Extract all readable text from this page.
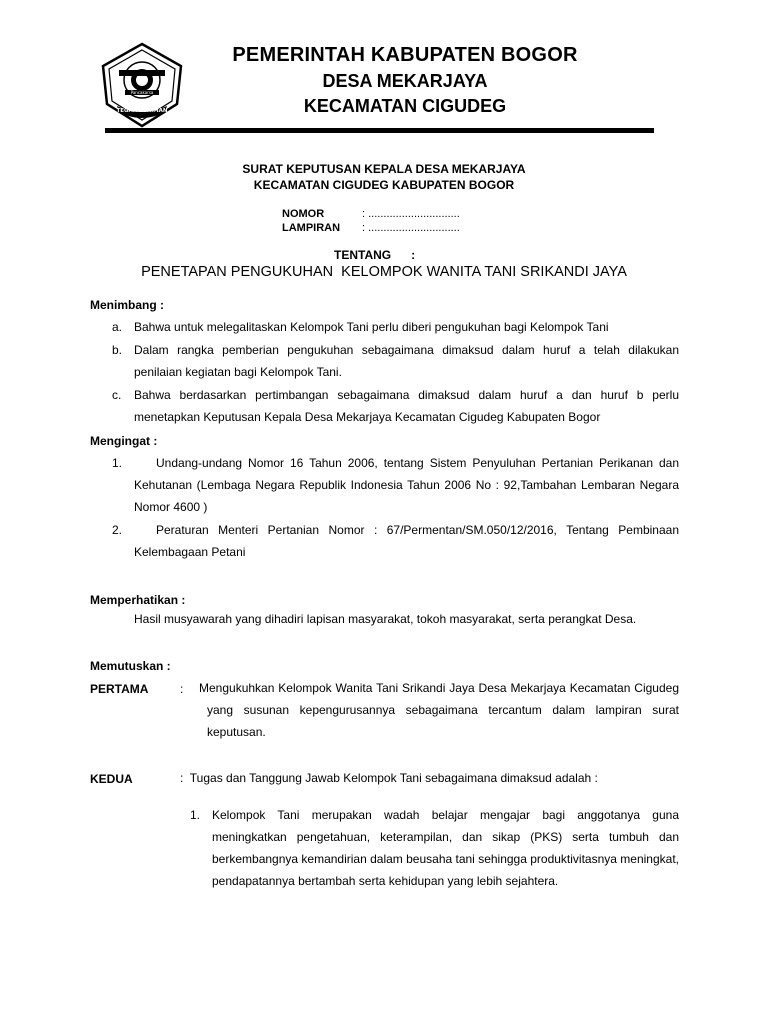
TEGAR BERIMAN
Pancakarsa
PEMERINTAH KABUPATEN BOGOR
DESA MEKARJAYA
KECAMATAN CIGUDEG
SURAT KEPUTUSAN KEPALA DESA MEKARJAYA
KECAMATAN CIGUDEG KABUPATEN BOGOR
NOMOR	: ..............................
LAMPIRAN : ..............................
TENTANG      :
PENETAPAN PENGUKUHAN  KELOMPOK WANITA TANI SRIKANDI JAYA
Menimbang :
a. Bahwa untuk melegalitaskan Kelompok Tani perlu diberi pengukuhan bagi Kelompok Tani
b. Dalam rangka pemberian pengukuhan sebagaimana dimaksud dalam huruf a telah dilakukan penilaian kegiatan bagi Kelompok Tani.
c. Bahwa berdasarkan pertimbangan sebagaimana dimaksud dalam huruf a dan huruf b perlu menetapkan Keputusan Kepala Desa Mekarjaya Kecamatan Cigudeg Kabupaten Bogor
Mengingat :
1.	Undang-undang Nomor 16 Tahun 2006, tentang Sistem Penyuluhan Pertanian Perikanan dan Kehutanan (Lembaga Negara Republik Indonesia Tahun 2006 No : 92,Tambahan Lembaran Negara Nomor 4600 )
2.	Peraturan Menteri Pertanian Nomor : 67/Permentan/SM.050/12/2016, Tentang Pembinaan Kelembagaan Petani
Memperhatikan :
Hasil musyawarah yang dihadiri lapisan masyarakat, tokoh masyarakat, serta perangkat Desa.
Memutuskan :
PERTAMA	: Mengukuhkan Kelompok Wanita Tani Srikandi Jaya Desa Mekarjaya Kecamatan Cigudeg yang susunan kepengurusannya sebagaimana tercantum dalam lampiran surat keputusan.
KEDUA	:  Tugas dan Tanggung Jawab Kelompok Tani sebagaimana dimaksud adalah :
1. Kelompok Tani merupakan wadah belajar mengajar bagi anggotanya guna meningkatkan pengetahuan, keterampilan, dan sikap (PKS) serta tumbuh dan berkembangnya kemandirian dalam beusaha tani sehingga produktivitasnya meningkat, pendapatannya bertambah serta kehidupan yang lebih sejahtera.
